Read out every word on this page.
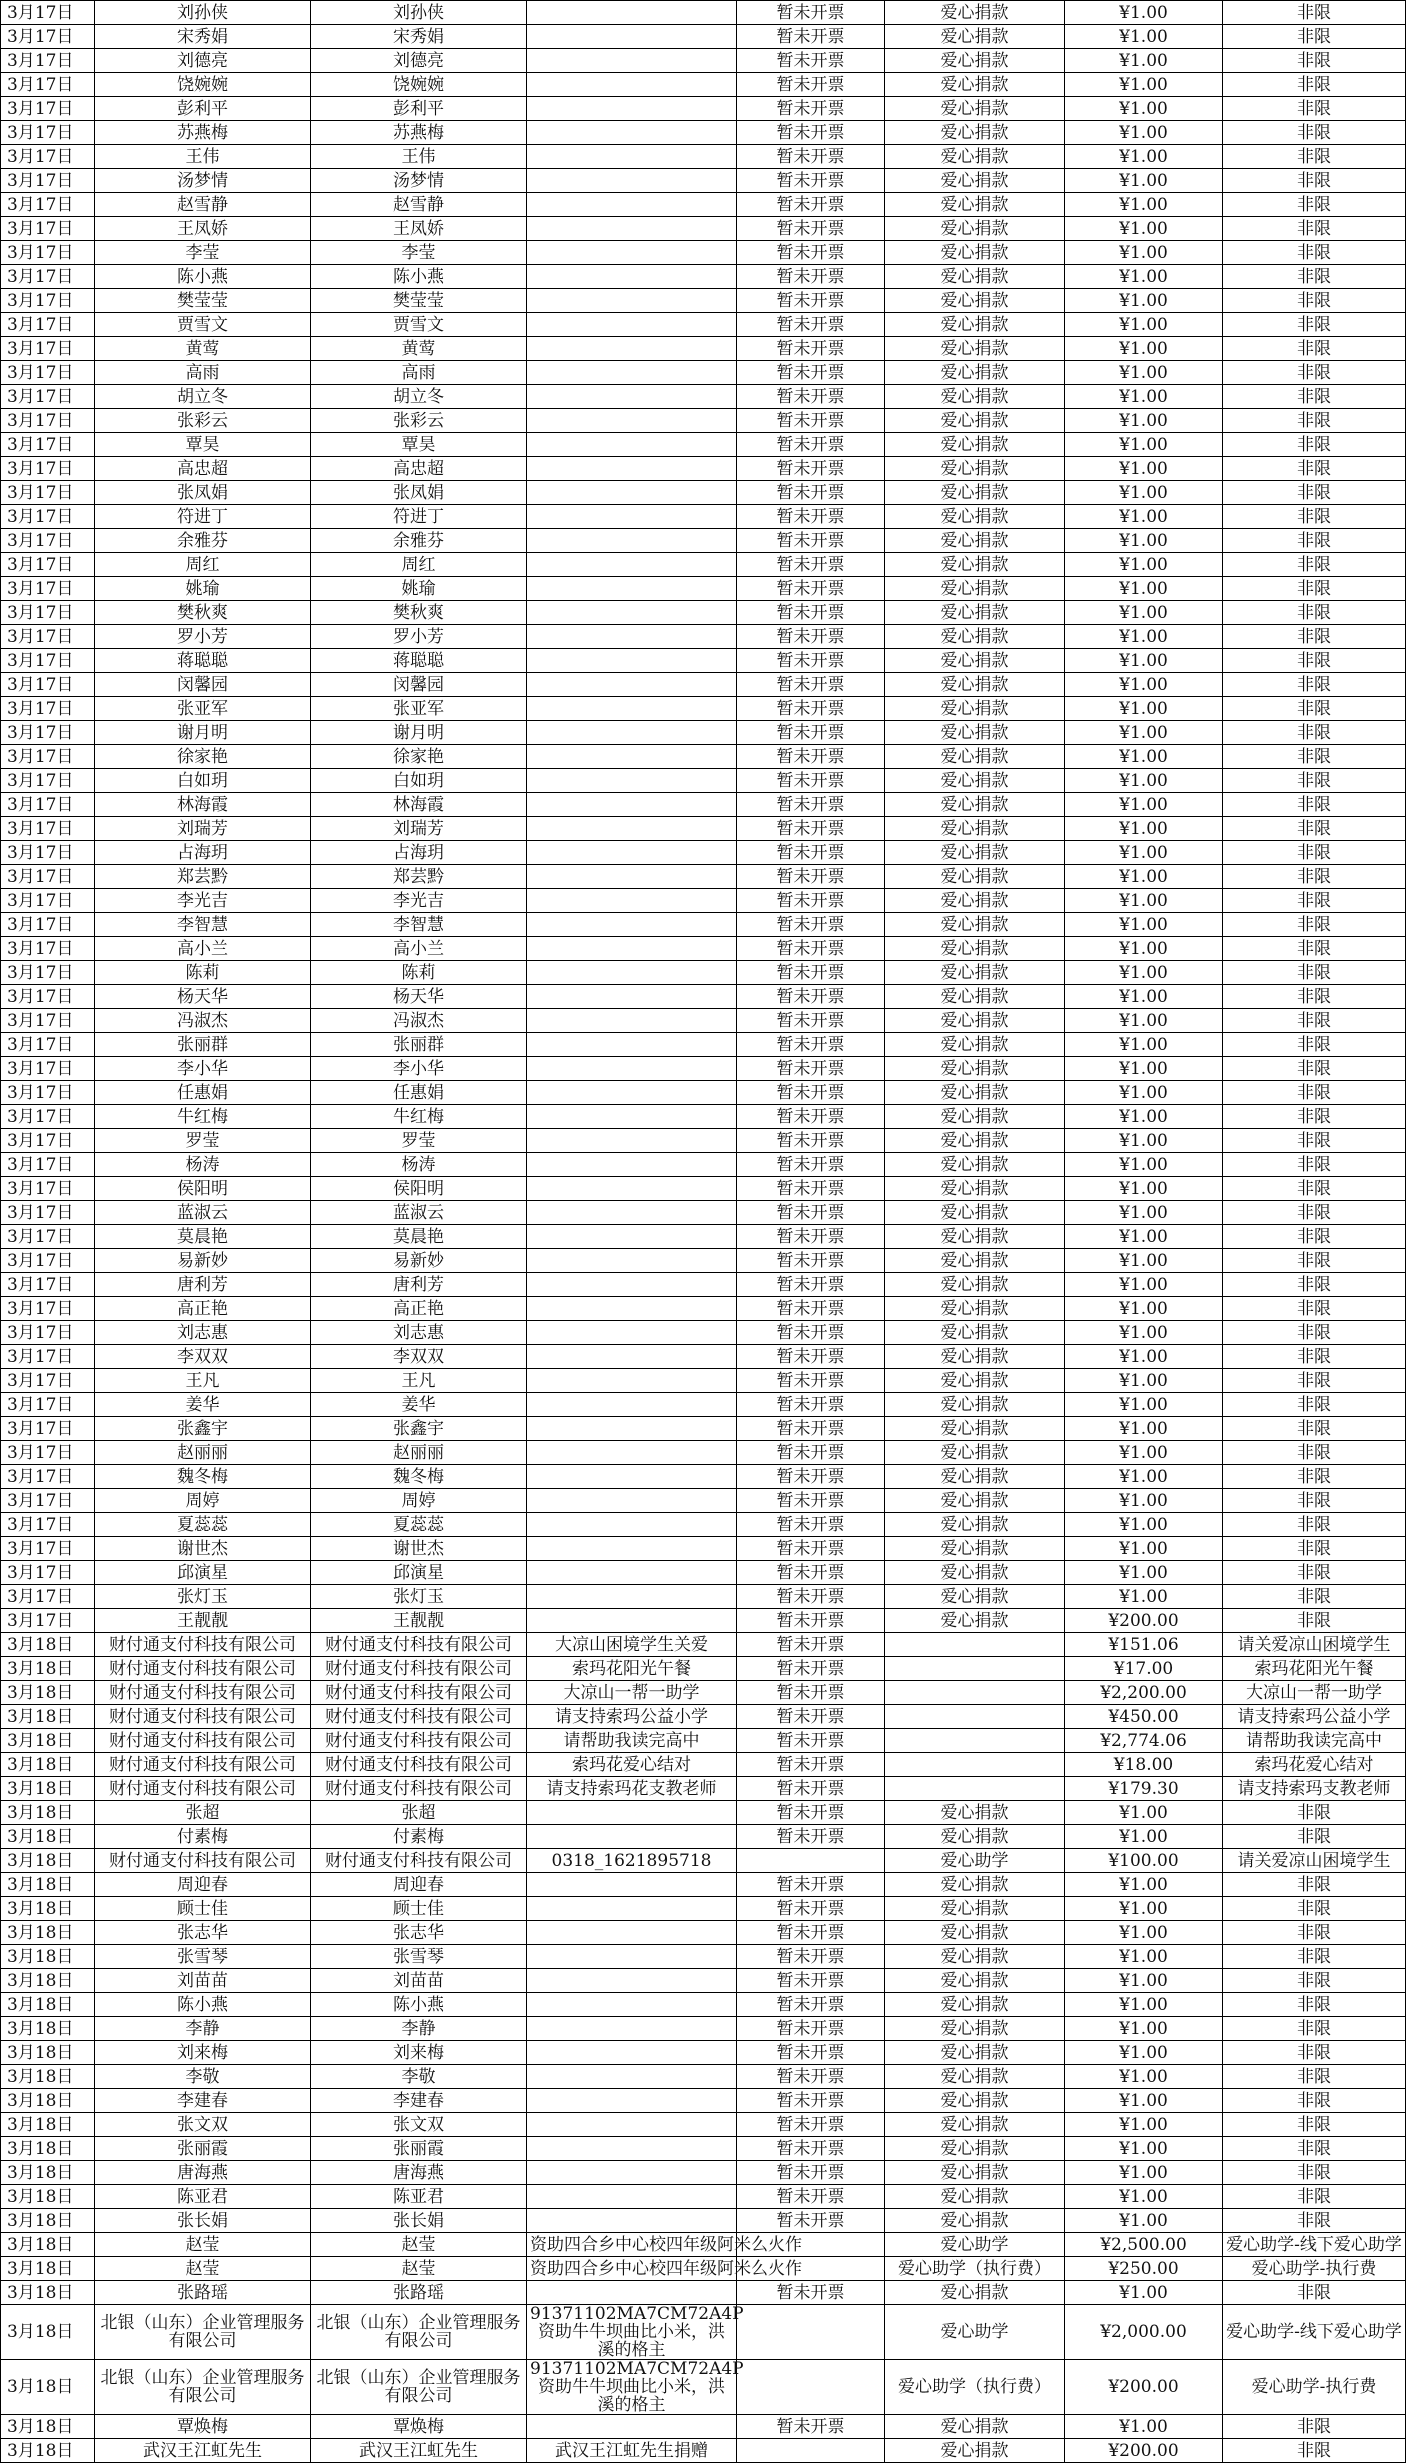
3月17日	刘孙侠	刘孙侠		暂未开票	爱心捐款	¥1.00	非限
3月17日	宋秀娟	宋秀娟		暂未开票	爱心捐款	¥1.00	非限
3月17日	刘德亮	刘德亮		暂未开票	爱心捐款	¥1.00	非限
3月17日	饶婉婉	饶婉婉		暂未开票	爱心捐款	¥1.00	非限
3月17日	彭利平	彭利平		暂未开票	爱心捐款	¥1.00	非限
3月17日	苏燕梅	苏燕梅		暂未开票	爱心捐款	¥1.00	非限
3月17日	王伟	王伟		暂未开票	爱心捐款	¥1.00	非限
3月17日	汤梦情	汤梦情		暂未开票	爱心捐款	¥1.00	非限
3月17日	赵雪静	赵雪静		暂未开票	爱心捐款	¥1.00	非限
3月17日	王凤娇	王凤娇		暂未开票	爱心捐款	¥1.00	非限
3月17日	李莹	李莹		暂未开票	爱心捐款	¥1.00	非限
3月17日	陈小燕	陈小燕		暂未开票	爱心捐款	¥1.00	非限
3月17日	樊莹莹	樊莹莹		暂未开票	爱心捐款	¥1.00	非限
3月17日	贾雪文	贾雪文		暂未开票	爱心捐款	¥1.00	非限
3月17日	黄莺	黄莺		暂未开票	爱心捐款	¥1.00	非限
3月17日	高雨	高雨		暂未开票	爱心捐款	¥1.00	非限
3月17日	胡立冬	胡立冬		暂未开票	爱心捐款	¥1.00	非限
3月17日	张彩云	张彩云		暂未开票	爱心捐款	¥1.00	非限
3月17日	覃昊	覃昊		暂未开票	爱心捐款	¥1.00	非限
3月17日	高忠超	高忠超		暂未开票	爱心捐款	¥1.00	非限
3月17日	张凤娟	张凤娟		暂未开票	爱心捐款	¥1.00	非限
3月17日	符进丁	符进丁		暂未开票	爱心捐款	¥1.00	非限
3月17日	余雅芬	余雅芬		暂未开票	爱心捐款	¥1.00	非限
3月17日	周红	周红		暂未开票	爱心捐款	¥1.00	非限
3月17日	姚瑜	姚瑜		暂未开票	爱心捐款	¥1.00	非限
3月17日	樊秋爽	樊秋爽		暂未开票	爱心捐款	¥1.00	非限
3月17日	罗小芳	罗小芳		暂未开票	爱心捐款	¥1.00	非限
3月17日	蒋聪聪	蒋聪聪		暂未开票	爱心捐款	¥1.00	非限
3月17日	闵馨园	闵馨园		暂未开票	爱心捐款	¥1.00	非限
3月17日	张亚军	张亚军		暂未开票	爱心捐款	¥1.00	非限
3月17日	谢月明	谢月明		暂未开票	爱心捐款	¥1.00	非限
3月17日	徐家艳	徐家艳		暂未开票	爱心捐款	¥1.00	非限
3月17日	白如玥	白如玥		暂未开票	爱心捐款	¥1.00	非限
3月17日	林海霞	林海霞		暂未开票	爱心捐款	¥1.00	非限
3月17日	刘瑞芳	刘瑞芳		暂未开票	爱心捐款	¥1.00	非限
3月17日	占海玥	占海玥		暂未开票	爱心捐款	¥1.00	非限
3月17日	郑芸黔	郑芸黔		暂未开票	爱心捐款	¥1.00	非限
3月17日	李光吉	李光吉		暂未开票	爱心捐款	¥1.00	非限
3月17日	李智慧	李智慧		暂未开票	爱心捐款	¥1.00	非限
3月17日	高小兰	高小兰		暂未开票	爱心捐款	¥1.00	非限
3月17日	陈莉	陈莉		暂未开票	爱心捐款	¥1.00	非限
3月17日	杨天华	杨天华		暂未开票	爱心捐款	¥1.00	非限
3月17日	冯淑杰	冯淑杰		暂未开票	爱心捐款	¥1.00	非限
3月17日	张丽群	张丽群		暂未开票	爱心捐款	¥1.00	非限
3月17日	李小华	李小华		暂未开票	爱心捐款	¥1.00	非限
3月17日	任惠娟	任惠娟		暂未开票	爱心捐款	¥1.00	非限
3月17日	牛红梅	牛红梅		暂未开票	爱心捐款	¥1.00	非限
3月17日	罗莹	罗莹		暂未开票	爱心捐款	¥1.00	非限
3月17日	杨涛	杨涛		暂未开票	爱心捐款	¥1.00	非限
3月17日	侯阳明	侯阳明		暂未开票	爱心捐款	¥1.00	非限
3月17日	蓝淑云	蓝淑云		暂未开票	爱心捐款	¥1.00	非限
3月17日	莫晨艳	莫晨艳		暂未开票	爱心捐款	¥1.00	非限
3月17日	易新妙	易新妙		暂未开票	爱心捐款	¥1.00	非限
3月17日	唐利芳	唐利芳		暂未开票	爱心捐款	¥1.00	非限
3月17日	高正艳	高正艳		暂未开票	爱心捐款	¥1.00	非限
3月17日	刘志惠	刘志惠		暂未开票	爱心捐款	¥1.00	非限
3月17日	李双双	李双双		暂未开票	爱心捐款	¥1.00	非限
3月17日	王凡	王凡		暂未开票	爱心捐款	¥1.00	非限
3月17日	姜华	姜华		暂未开票	爱心捐款	¥1.00	非限
3月17日	张鑫宇	张鑫宇		暂未开票	爱心捐款	¥1.00	非限
3月17日	赵丽丽	赵丽丽		暂未开票	爱心捐款	¥1.00	非限
3月17日	魏冬梅	魏冬梅		暂未开票	爱心捐款	¥1.00	非限
3月17日	周婷	周婷		暂未开票	爱心捐款	¥1.00	非限
3月17日	夏蕊蕊	夏蕊蕊		暂未开票	爱心捐款	¥1.00	非限
3月17日	谢世杰	谢世杰		暂未开票	爱心捐款	¥1.00	非限
3月17日	邱演星	邱演星		暂未开票	爱心捐款	¥1.00	非限
3月17日	张灯玉	张灯玉		暂未开票	爱心捐款	¥1.00	非限
3月17日	王靓靓	王靓靓		暂未开票	爱心捐款	¥200.00	非限
3月18日	财付通支付科技有限公司	财付通支付科技有限公司	大凉山困境学生关爱	暂未开票		¥151.06	请关爱凉山困境学生
3月18日	财付通支付科技有限公司	财付通支付科技有限公司	索玛花阳光午餐	暂未开票		¥17.00	索玛花阳光午餐
3月18日	财付通支付科技有限公司	财付通支付科技有限公司	大凉山一帮一助学	暂未开票		¥2,200.00	大凉山一帮一助学
3月18日	财付通支付科技有限公司	财付通支付科技有限公司	请支持索玛公益小学	暂未开票		¥450.00	请支持索玛公益小学
3月18日	财付通支付科技有限公司	财付通支付科技有限公司	请帮助我读完高中	暂未开票		¥2,774.06	请帮助我读完高中
3月18日	财付通支付科技有限公司	财付通支付科技有限公司	索玛花爱心结对	暂未开票		¥18.00	索玛花爱心结对
3月18日	财付通支付科技有限公司	财付通支付科技有限公司	请支持索玛花支教老师	暂未开票		¥179.30	请支持索玛支教老师
3月18日	张超	张超		暂未开票	爱心捐款	¥1.00	非限
3月18日	付素梅	付素梅		暂未开票	爱心捐款	¥1.00	非限
3月18日	财付通支付科技有限公司	财付通支付科技有限公司	0318_1621895718		爱心助学	¥100.00	请关爱凉山困境学生
3月18日	周迎春	周迎春		暂未开票	爱心捐款	¥1.00	非限
3月18日	顾士佳	顾士佳		暂未开票	爱心捐款	¥1.00	非限
3月18日	张志华	张志华		暂未开票	爱心捐款	¥1.00	非限
3月18日	张雪琴	张雪琴		暂未开票	爱心捐款	¥1.00	非限
3月18日	刘苗苗	刘苗苗		暂未开票	爱心捐款	¥1.00	非限
3月18日	陈小燕	陈小燕		暂未开票	爱心捐款	¥1.00	非限
3月18日	李静	李静		暂未开票	爱心捐款	¥1.00	非限
3月18日	刘来梅	刘来梅		暂未开票	爱心捐款	¥1.00	非限
3月18日	李敬	李敬		暂未开票	爱心捐款	¥1.00	非限
3月18日	李建春	李建春		暂未开票	爱心捐款	¥1.00	非限
3月18日	张文双	张文双		暂未开票	爱心捐款	¥1.00	非限
3月18日	张丽霞	张丽霞		暂未开票	爱心捐款	¥1.00	非限
3月18日	唐海燕	唐海燕		暂未开票	爱心捐款	¥1.00	非限
3月18日	陈亚君	陈亚君		暂未开票	爱心捐款	¥1.00	非限
3月18日	张长娟	张长娟		暂未开票	爱心捐款	¥1.00	非限
3月18日	赵莹	赵莹	资助四合乡中心校四年级阿米么火作		爱心助学	¥2,500.00	爱心助学-线下爱心助学
3月18日	赵莹	赵莹	资助四合乡中心校四年级阿米么火作		爱心助学（执行费）	¥250.00	爱心助学-执行费
3月18日	张路瑶	张路瑶		暂未开票	爱心捐款	¥1.00	非限
3月18日	北银（山东）企业管理服务有限公司	北银（山东）企业管理服务有限公司	91371102MA7CM72A4P资助牛牛坝曲比小米，洪溪的格主		爱心助学	¥2,000.00	爱心助学-线下爱心助学
3月18日	北银（山东）企业管理服务有限公司	北银（山东）企业管理服务有限公司	91371102MA7CM72A4P资助牛牛坝曲比小米，洪溪的格主		爱心助学（执行费）	¥200.00	爱心助学-执行费
3月18日	覃焕梅	覃焕梅		暂未开票	爱心捐款	¥1.00	非限
3月18日	武汉王江虹先生	武汉王江虹先生	武汉王江虹先生捐赠		爱心捐款	¥200.00	非限
